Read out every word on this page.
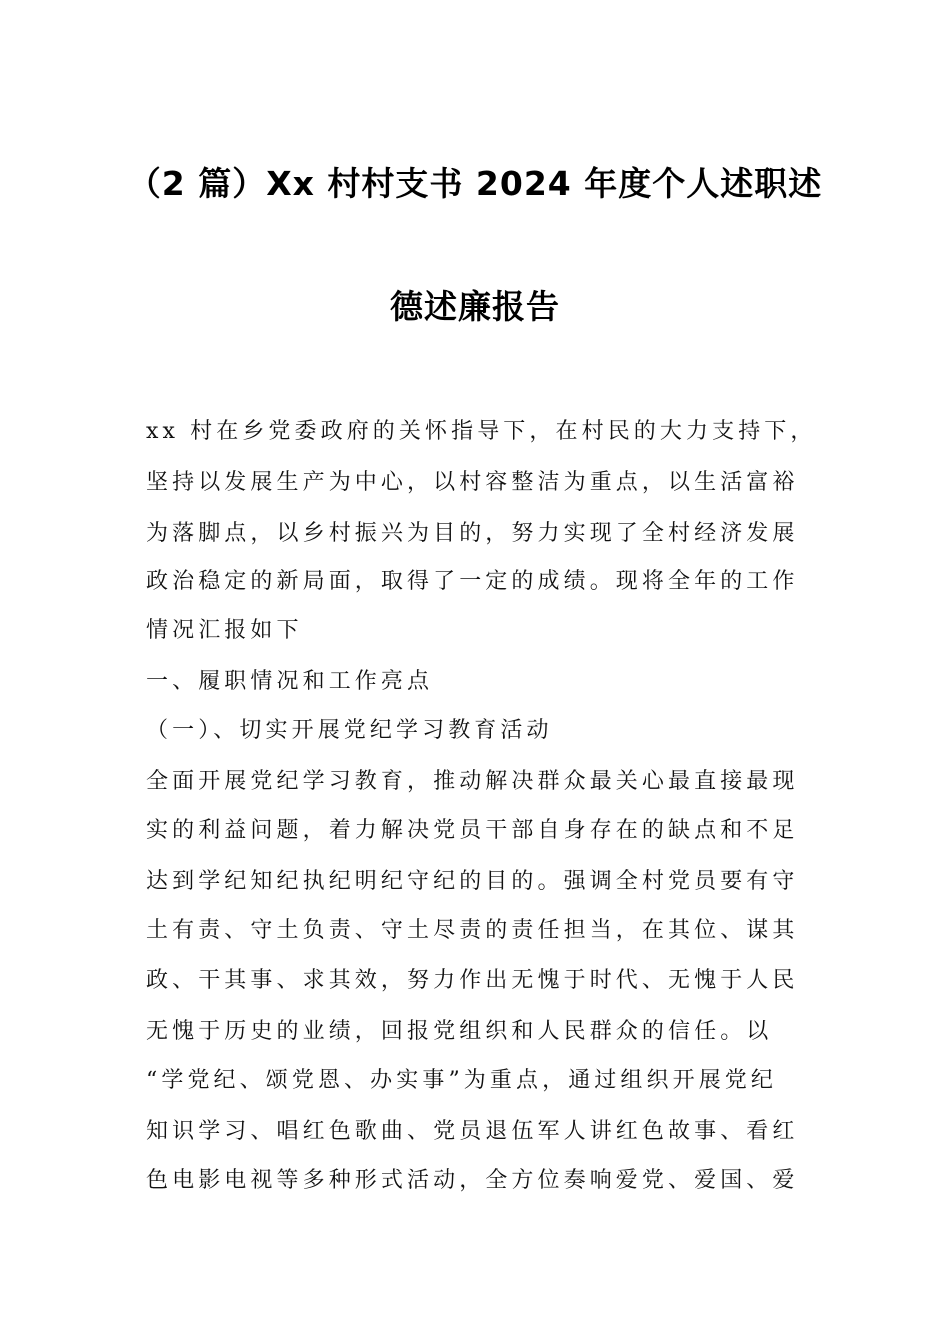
（2 篇）Xx 村村支书 2024 年度个人述职述
德述廉报告
xx 村在乡党委政府的关怀指导下，在村民的大力支持下，
坚持以发展生产为中心，以村容整洁为重点，以生活富裕
为落脚点，以乡村振兴为目的，努力实现了全村经济发展
政治稳定的新局面，取得了一定的成绩。现将全年的工作
情况汇报如下
一、履职情况和工作亮点
（一）、切实开展党纪学习教育活动
全面开展党纪学习教育，推动解决群众最关心最直接最现
实的利益问题，着力解决党员干部自身存在的缺点和不足
达到学纪知纪执纪明纪守纪的目的。强调全村党员要有守
土有责、守土负责、守土尽责的责任担当，在其位、谋其
政、干其事、求其效，努力作出无愧于时代、无愧于人民
无愧于历史的业绩，回报党组织和人民群众的信任。以
“学党纪、颂党恩、办实事”为重点，通过组织开展党纪
知识学习、唱红色歌曲、党员退伍军人讲红色故事、看红
色电影电视等多种形式活动，全方位奏响爱党、爱国、爱
